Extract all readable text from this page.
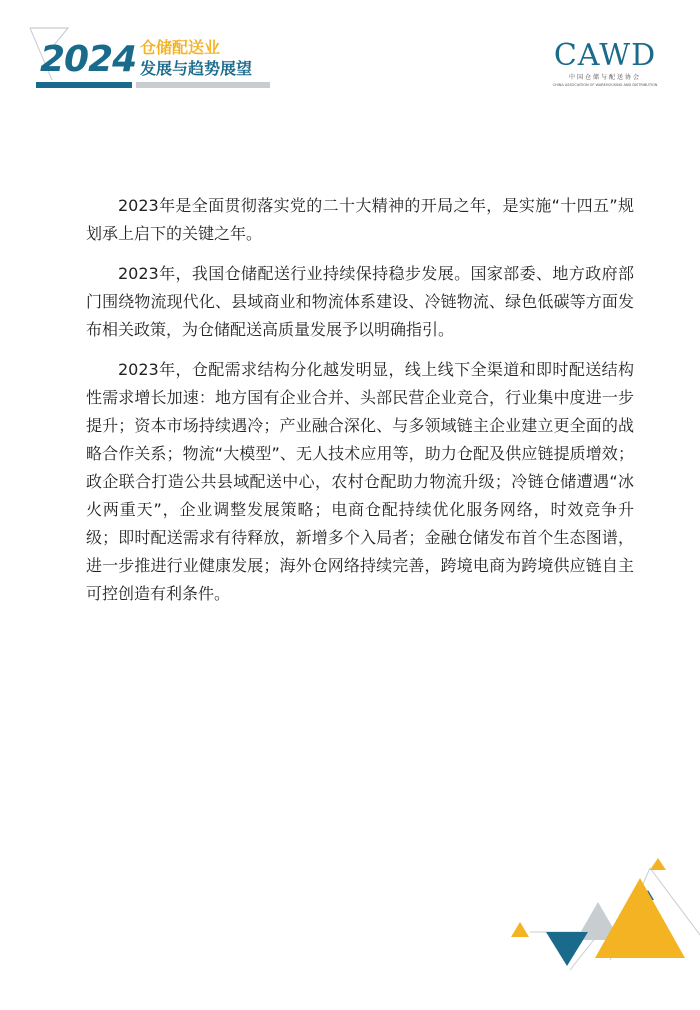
2024 仓储配送业
发展与趋势展望	CAWD
中国仓储与配送协会
CHINA ASSOCIATION OF WAREHOUSING AND DISTRIBUTION

2023年是全面贯彻落实党的二十大精神的开局之年，是实施“十四五”规划承上启下的关键之年。

2023年，我国仓储配送行业持续保持稳步发展。国家部委、地方政府部门围绕物流现代化、县域商业和物流体系建设、冷链物流、绿色低碳等方面发布相关政策，为仓储配送高质量发展予以明确指引。

2023年，仓配需求结构分化越发明显，线上线下全渠道和即时配送结构性需求增长加速：地方国有企业合并、头部民营企业竞合，行业集中度进一步提升；资本市场持续遇冷；产业融合深化、与多领域链主企业建立更全面的战略合作关系；物流“大模型”、无人技术应用等，助力仓配及供应链提质增效；政企联合打造公共县域配送中心，农村仓配助力物流升级；冷链仓储遭遇“冰火两重天”，企业调整发展策略；电商仓配持续优化服务网络，时效竞争升级；即时配送需求有待释放，新增多个入局者；金融仓储发布首个生态图谱，进一步推进行业健康发展；海外仓网络持续完善，跨境电商为跨境供应链自主可控创造有利条件。
